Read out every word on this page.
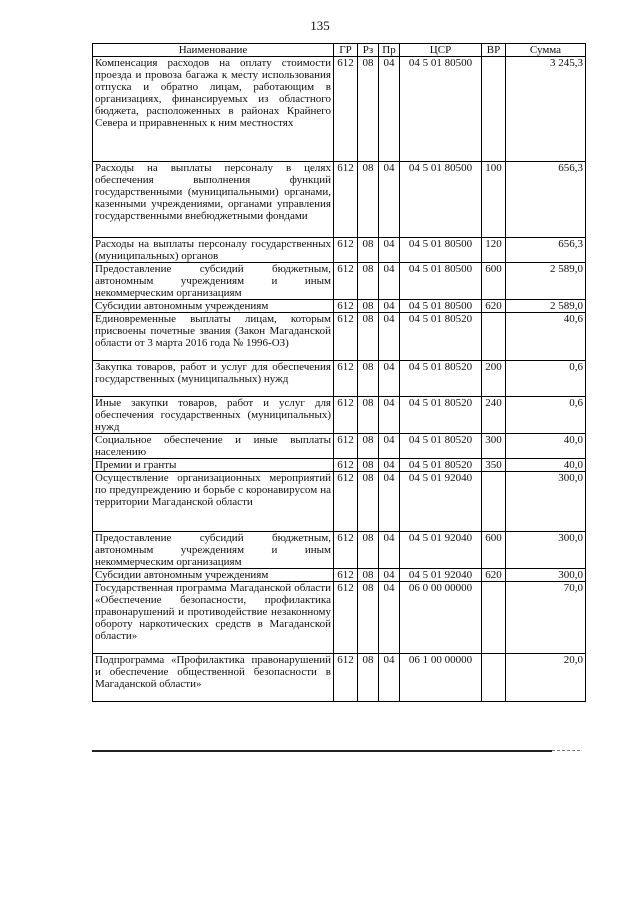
135
Наименование	ГР	Рз	Пр	ЦСР	ВР	Сумма
Компенсация расходов на оплату стоимости проезда и провоза багажа к месту использования отпуска и обратно лицам, работающим в организациях, финансируемых из областного бюджета, расположенных в районах Крайнего Севера и приравненных к ним местностях	612	08	04	04 5 01 80500		3 245,3
Расходы на выплаты персоналу в целях обеспечения выполнения функций государственными (муниципальными) органами, казенными учреждениями, органами управления государственными внебюджетными фондами	612	08	04	04 5 01 80500	100	656,3
Расходы на выплаты персоналу государственных (муниципальных) органов	612	08	04	04 5 01 80500	120	656,3
Предоставление субсидий бюджетным, автономным учреждениям и иным некоммерческим организациям	612	08	04	04 5 01 80500	600	2 589,0
Субсидии автономным учреждениям	612	08	04	04 5 01 80500	620	2 589,0
Единовременные выплаты лицам, которым присвоены почетные звания (Закон Магаданской области от 3 марта 2016 года № 1996-ОЗ)	612	08	04	04 5 01 80520		40,6
Закупка товаров, работ и услуг для обеспечения государственных (муниципальных) нужд	612	08	04	04 5 01 80520	200	0,6
Иные закупки товаров, работ и услуг для обеспечения государственных (муниципальных) нужд	612	08	04	04 5 01 80520	240	0,6
Социальное обеспечение и иные выплаты населению	612	08	04	04 5 01 80520	300	40,0
Премии и гранты	612	08	04	04 5 01 80520	350	40,0
Осуществление организационных мероприятий по предупреждению и борьбе с коронавирусом на территории Магаданской области	612	08	04	04 5 01 92040		300,0
Предоставление субсидий бюджетным, автономным учреждениям и иным некоммерческим организациям	612	08	04	04 5 01 92040	600	300,0
Субсидии автономным учреждениям	612	08	04	04 5 01 92040	620	300,0
Государственная программа Магаданской области «Обеспечение безопасности, профилактика правонарушений и противодействие незаконному обороту наркотических средств в Магаданской области»	612	08	04	06 0 00 00000		70,0
Подпрограмма «Профилактика правонарушений и обеспечение общественной безопасности в Магаданской области»	612	08	04	06 1 00 00000		20,0
